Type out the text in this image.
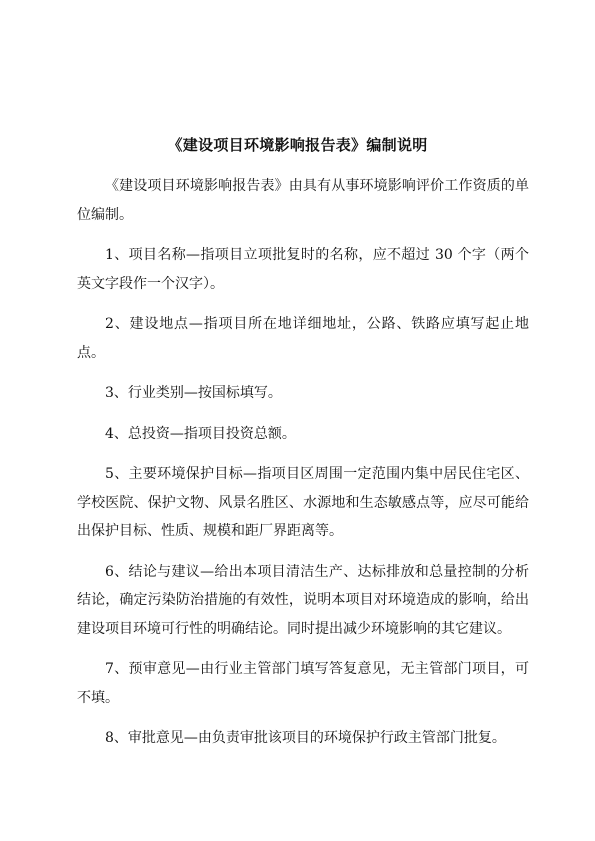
《建设项目环境影响报告表》编制说明

《建设项目环境影响报告表》由具有从事环境影响评价工作资质的单位编制。

1、项目名称—指项目立项批复时的名称，应不超过 30 个字（两个英文字段作一个汉字）。

2、建设地点—指项目所在地详细地址，公路、铁路应填写起止地点。

3、行业类别—按国标填写。

4、总投资—指项目投资总额。

5、主要环境保护目标—指项目区周围一定范围内集中居民住宅区、学校医院、保护文物、风景名胜区、水源地和生态敏感点等，应尽可能给出保护目标、性质、规模和距厂界距离等。

6、结论与建议—给出本项目清洁生产、达标排放和总量控制的分析结论，确定污染防治措施的有效性，说明本项目对环境造成的影响，给出建设项目环境可行性的明确结论。同时提出减少环境影响的其它建议。

7、预审意见—由行业主管部门填写答复意见，无主管部门项目，可不填。

8、审批意见—由负责审批该项目的环境保护行政主管部门批复。
